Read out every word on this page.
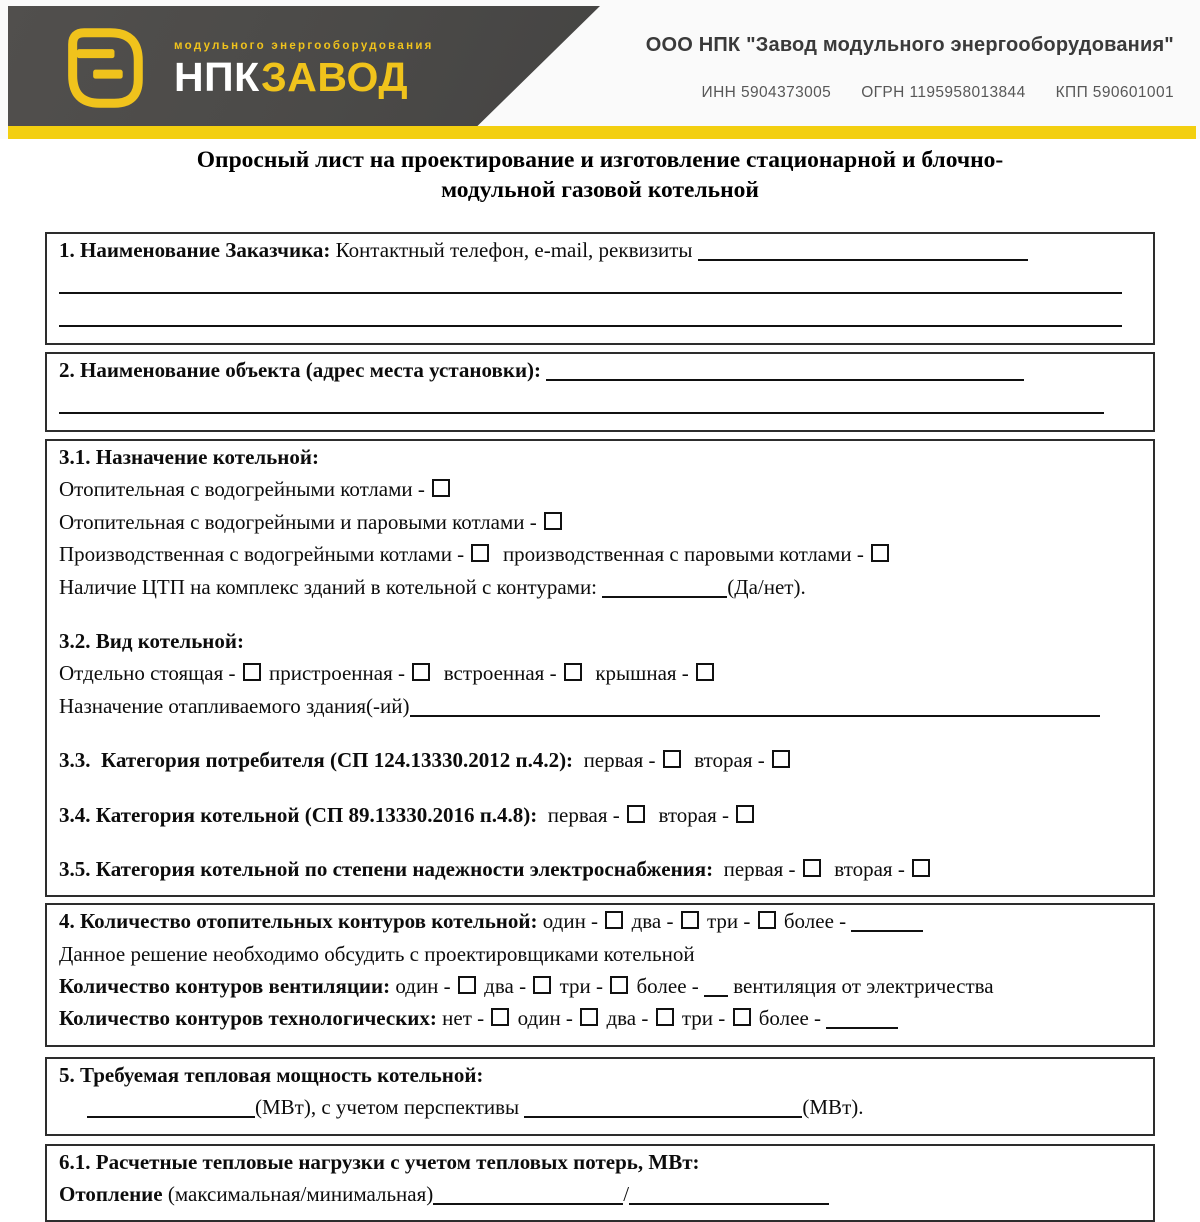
модульного энергооборудования
НПКЗАВОД
ООО НПК "Завод модульного энергооборудования"
ИНН 5904373005 ОГРН 1195958013844 КПП 590601001
Опросный лист на проектирование и изготовление стационарной и блочно-
модульной газовой котельной
1. Наименование Заказчика: Контактный телефон, e-mail, реквизиты
2. Наименование объекта (адрес места установки):
3.1. Назначение котельной:
Отопительная с водогрейными котлами -
Отопительная с водогрейными и паровыми котлами -
Производственная с водогрейными котлами -   производственная с паровыми котлами -
Наличие ЦТП на комплекс зданий в котельной с контурами:	(Да/нет).
3.2. Вид котельной:
Отдельно стоящая -  пристроенная -   встроенная -   крышная -
Назначение отапливаемого здания(-ий)
3.3.  Категория потребителя (СП 124.13330.2012 п.4.2):  первая -   вторая -
3.4. Категория котельной (СП 89.13330.2016 п.4.8):  первая -   вторая -
3.5. Категория котельной по степени надежности электроснабжения:  первая -   вторая -
4. Количество отопительных контуров котельной: один -  два -  три -  более -
Данное решение необходимо обсудить с проектировщиками котельной
Количество контуров вентиляции: один -  два -  три -  более -  вентиляция от электричества
Количество контуров технологических: нет -  один -  два -  три -  более -
5. Требуемая тепловая мощность котельной:
(МВт), с учетом перспективы	(МВт).
6.1. Расчетные тепловые нагрузки с учетом тепловых потерь, МВт:
Отопление (максимальная/минимальная)	/
